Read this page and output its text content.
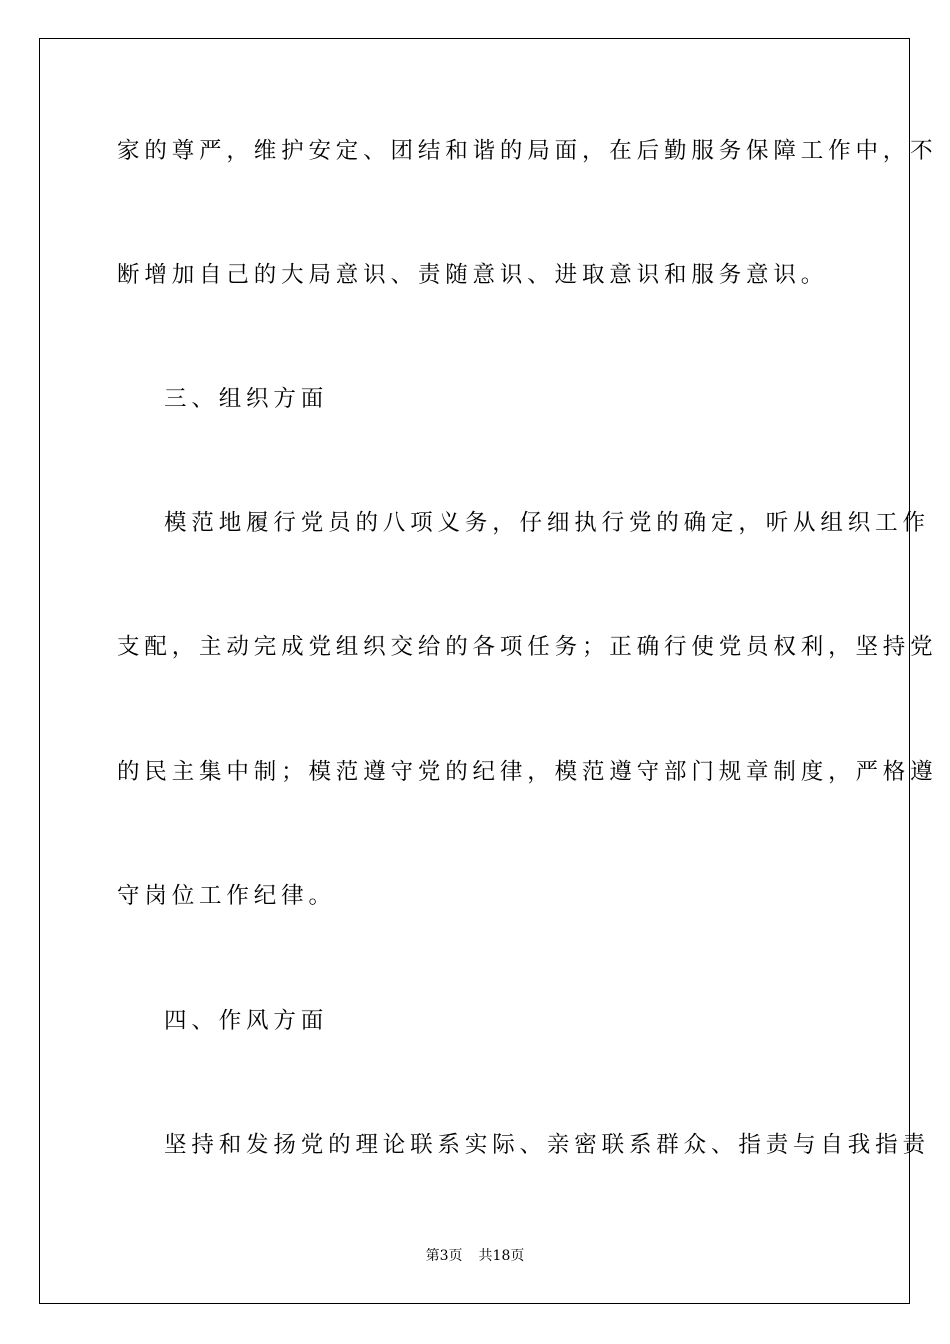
家的尊严，维护安定、团结和谐的局面，在后勤服务保障工作中，不
断增加自己的大局意识、责随意识、进取意识和服务意识。
三、组织方面
模范地履行党员的八项义务，仔细执行党的确定，听从组织工作
支配，主动完成党组织交给的各项任务；正确行使党员权利，坚持党
的民主集中制；模范遵守党的纪律，模范遵守部门规章制度，严格遵
守岗位工作纪律。
四、作风方面
坚持和发扬党的理论联系实际、亲密联系群众、指责与自我指责
第3页 共18页
